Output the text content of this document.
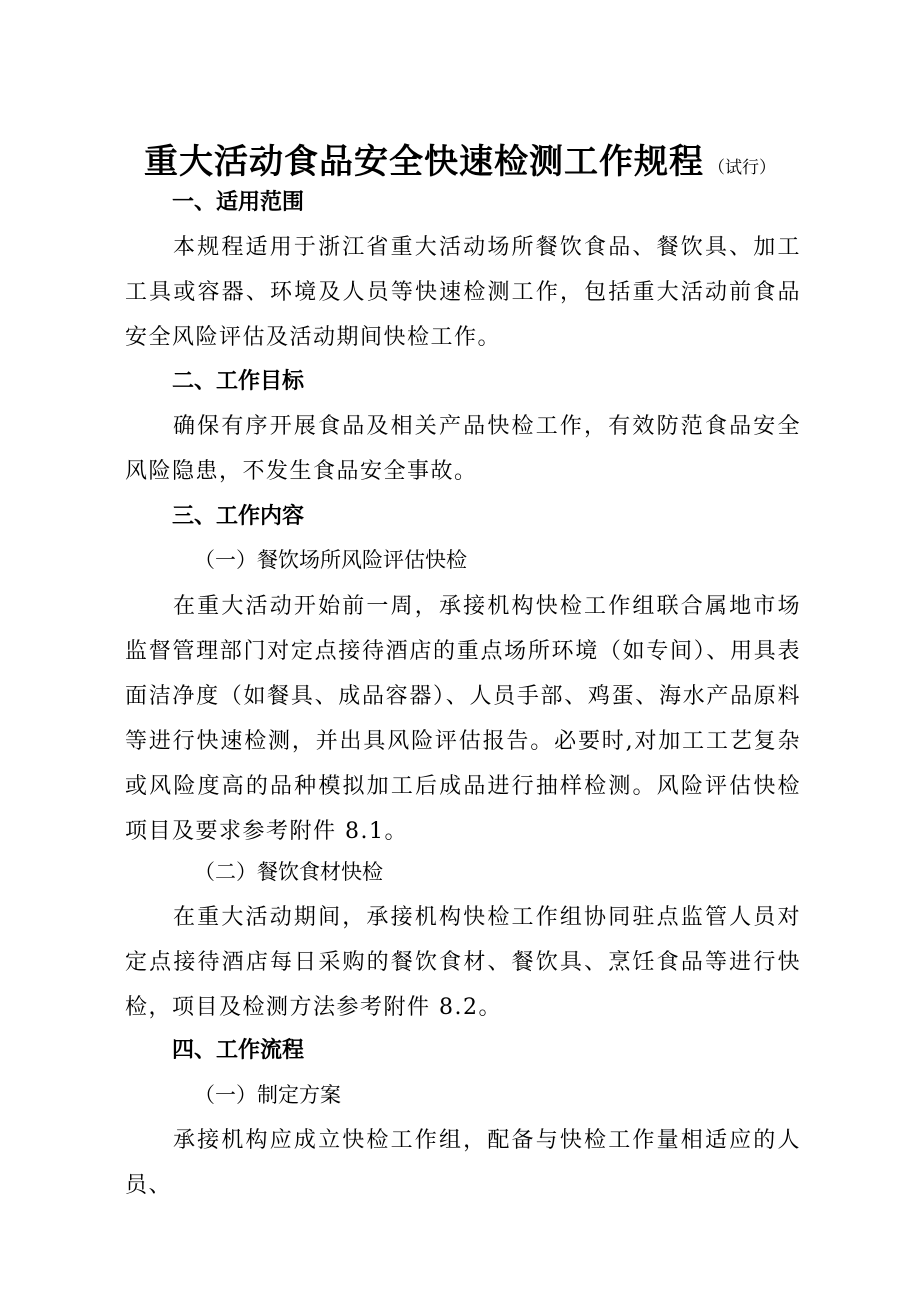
重大活动食品安全快速检测工作规程 （试行）
一、适用范围
本规程适用于浙江省重大活动场所餐饮食品、餐饮具、加工工具或容器、环境及人员等快速检测工作，包括重大活动前食品安全风险评估及活动期间快检工作。
二、工作目标
确保有序开展食品及相关产品快检工作，有效防范食品安全风险隐患，不发生食品安全事故。
三、工作内容
（一）餐饮场所风险评估快检
在重大活动开始前一周，承接机构快检工作组联合属地市场监督管理部门对定点接待酒店的重点场所环境（如专间）、用具表面洁净度（如餐具、成品容器）、人员手部、鸡蛋、海水产品原料等进行快速检测，并出具风险评估报告。必要时,对加工工艺复杂或风险度高的品种模拟加工后成品进行抽样检测。风险评估快检项目及要求参考附件 8.1。
（二）餐饮食材快检
在重大活动期间，承接机构快检工作组协同驻点监管人员对定点接待酒店每日采购的餐饮食材、餐饮具、烹饪食品等进行快检，项目及检测方法参考附件 8.2。
四、工作流程
（一）制定方案
承接机构应成立快检工作组，配备与快检工作量相适应的人员、
